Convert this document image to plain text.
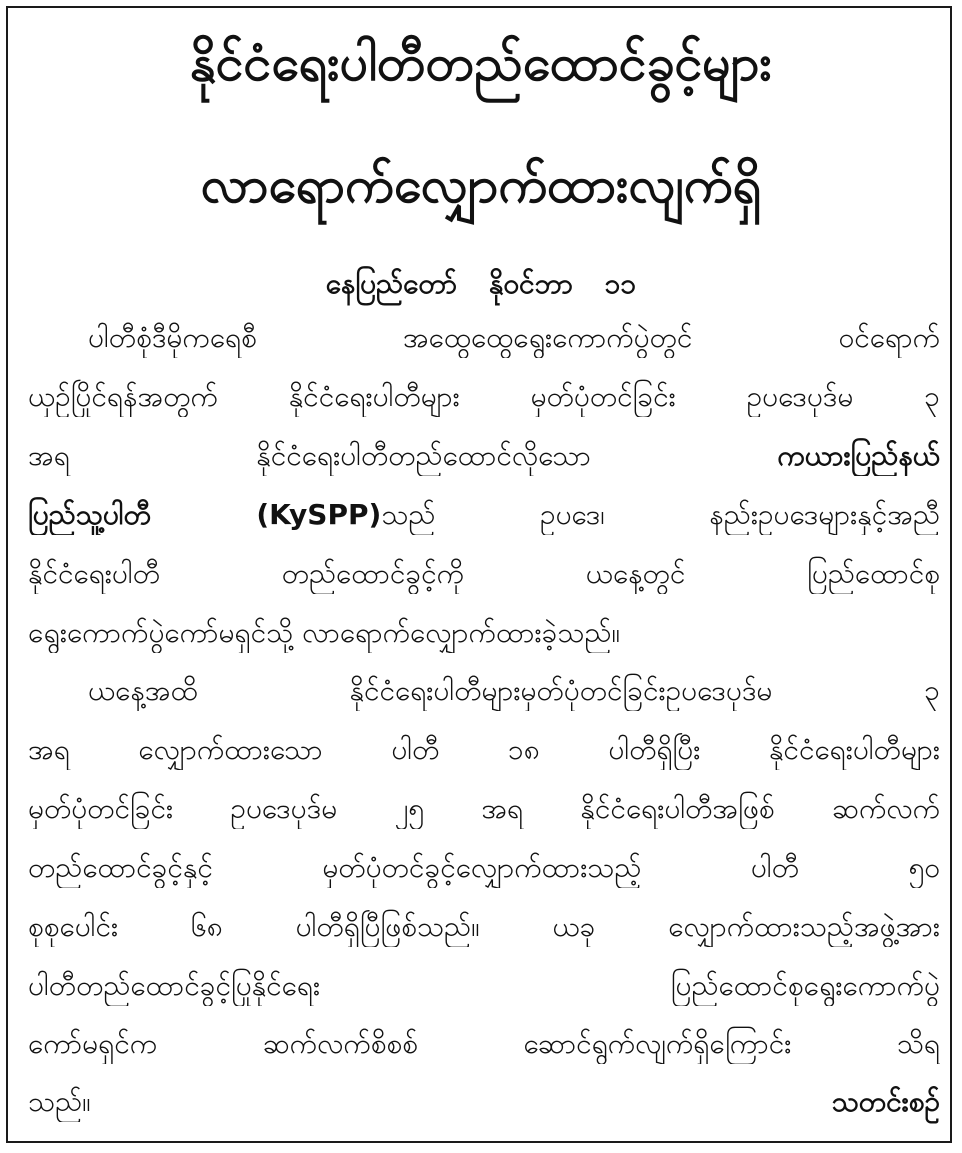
နိုင်ငံရေးပါတီတည်ထောင်ခွင့်များ
လာရောက်လျှောက်ထားလျက်ရှိ
နေပြည်တော် နိုဝင်ဘာ ၁၁
ပါတီစုံဒီမိုကရေစီ အထွေထွေရွေးကောက်ပွဲတွင် ဝင်ရောက်
ယှဉ်ပြိုင်ရန်အတွက် နိုင်ငံရေးပါတီများ မှတ်ပုံတင်ခြင်း ဥပဒေပုဒ်မ ၃
အရ နိုင်ငံရေးပါတီတည်ထောင်လိုသော ကယားပြည်နယ်
ပြည်သူ့ပါတီ (KySPP)သည် ဥပဒေ၊ နည်းဥပဒေများနှင့်အညီ
နိုင်ငံရေးပါတီ တည်ထောင်ခွင့်ကို ယနေ့တွင် ပြည်ထောင်စု
ရွေးကောက်ပွဲကော်မရှင်သို့ လာရောက်လျှောက်ထားခဲ့သည်။
ယနေ့အထိ နိုင်ငံရေးပါတီများမှတ်ပုံတင်ခြင်းဥပဒေပုဒ်မ ၃
အရ လျှောက်ထားသော ပါတီ ၁၈ ပါတီရှိပြီး နိုင်ငံရေးပါတီများ
မှတ်ပုံတင်ခြင်း ဥပဒေပုဒ်မ ၂၅ အရ နိုင်ငံရေးပါတီအဖြစ် ဆက်လက်
တည်ထောင်ခွင့်နှင့် မှတ်ပုံတင်ခွင့်လျှောက်ထားသည့် ပါတီ ၅၀
စုစုပေါင်း ၆၈ ပါတီရှိပြီဖြစ်သည်။ ယခု လျှောက်ထားသည့်အဖွဲ့အား
ပါတီတည်ထောင်ခွင့်ပြုနိုင်ရေး ပြည်ထောင်စုရွေးကောက်ပွဲ
ကော်မရှင်က ဆက်လက်စိစစ် ဆောင်ရွက်လျက်ရှိကြောင်း သိရ
သည်။	သတင်းစဉ်
